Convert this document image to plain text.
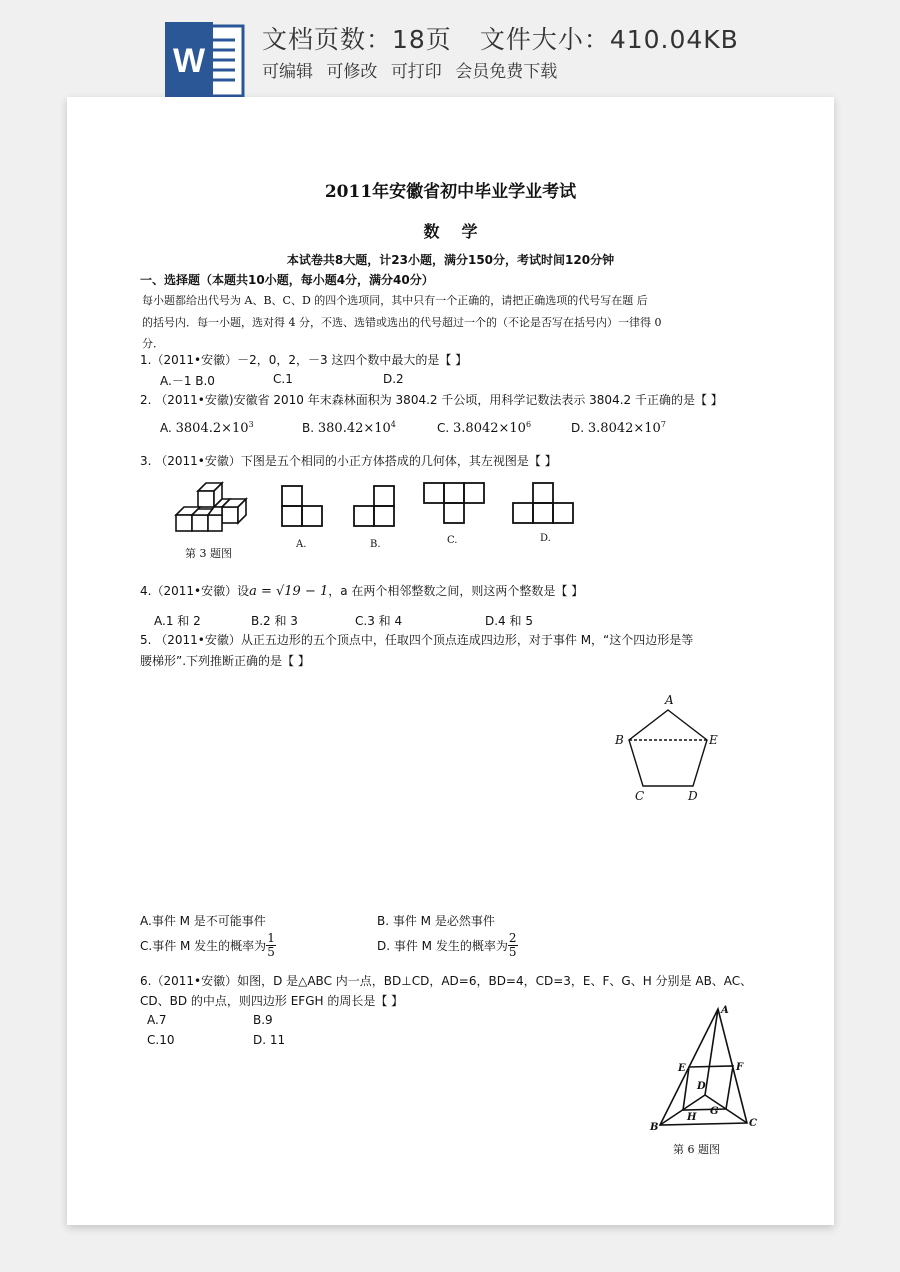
W
文档页数：18页 文件大小：410.04KB
可编辑 可修改 可打印 会员免费下载
2011年安徽省初中毕业学业考试
数学
本试卷共8大题，计23小题，满分150分，考试时间120分钟
一、选择题（本题共10小题，每小题4分，满分40分）
每小题都给出代号为 A、B、C、D 的四个选项同，其中只有一个正确的，请把正确选项的代号写在题 后
的括号内．每一小题，选对得 4 分，不选、选错或选出的代号超过一个的（不论是否写在括号内）一律得 0
分．
1.（2011•安徽）－2，0，2，－3 这四个数中最大的是【 】
A.－1 B.0	C.1	D.2
2. （2011•安徽)安徽省 2010 年末森林面积为 3804.2 千公顷，用科学记数法表示 3804.2 千正确的是【 】
A. $3804.2\times 10^3$	B. $380.42\times 10^4$	C. $3.8042\times 10^6$	D. $3.8042\times 10^7$
3. （2011•安徽）下图是五个相同的小正方体搭成的几何体，其左视图是【 】
第 3 题图
A.	B.	C.	D.
4.（2011•安徽）设a = √19 − 1，a 在两个相邻整数之间，则这两个整数是【 】
A.1 和 2	B.2 和 3	C.3 和 4	D.4 和 5
5. （2011•安徽）从正五边形的五个顶点中，任取四个顶点连成四边形，对于事件 M，“这个四边形是等
腰梯形”.下列推断正确的是【 】
A
B	E
C	D
A.事件 M 是不可能事件	B. 事件 M 是必然事件
C.事件 M 发生的概率为 $\frac{1}{5}$	D. 事件 M 发生的概率为 $\frac{2}{5}$
6.（2011•安徽）如图，D 是△ABC 内一点，BD⊥CD，AD=6，BD=4，CD=3，E、F、G、H 分别是 AB、AC、
CD、BD 的中点，则四边形 EFGH 的周长是【 】
A.7	B.9
C.10	D. 11
A
E	F
D
H
G
B	C
第 6 题图
